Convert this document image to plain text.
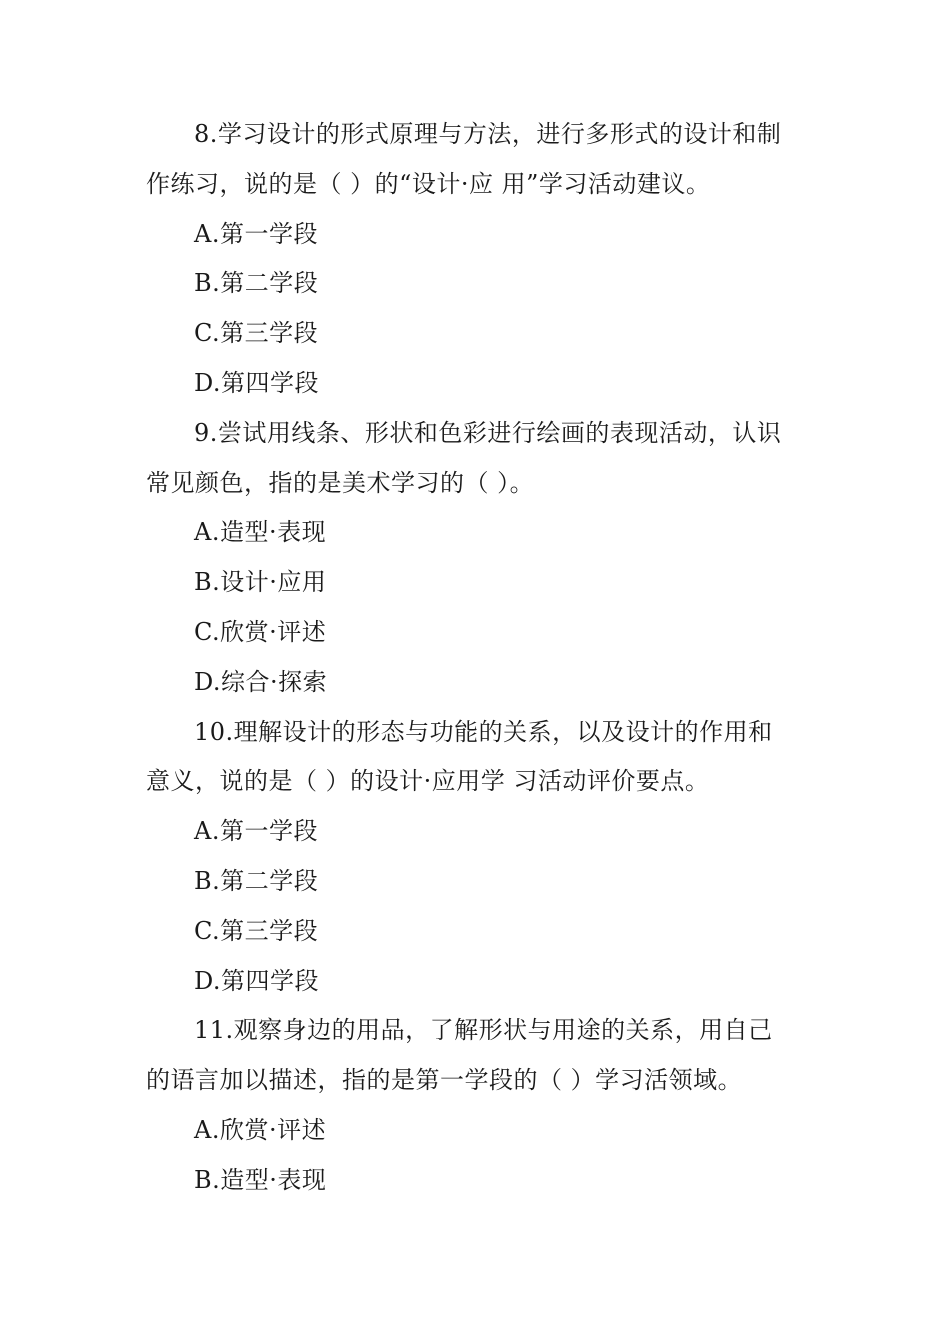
8.学习设计的形式原理与方法，进行多形式的设计和制
作练习，说的是（ ）的“设计·应 用”学习活动建议。
A.第一学段
B.第二学段
C.第三学段
D.第四学段
9.尝试用线条、形状和色彩进行绘画的表现活动，认识
常见颜色，指的是美术学习的（ ）。
A.造型·表现
B.设计·应用
C.欣赏·评述
D.综合·探索
10.理解设计的形态与功能的关系，以及设计的作用和
意义，说的是（ ）的设计·应用学 习活动评价要点。
A.第一学段
B.第二学段
C.第三学段
D.第四学段
11.观察身边的用品，了解形状与用途的关系，用自己
的语言加以描述，指的是第一学段的（ ）学习活领域。
A.欣赏·评述
B.造型·表现
